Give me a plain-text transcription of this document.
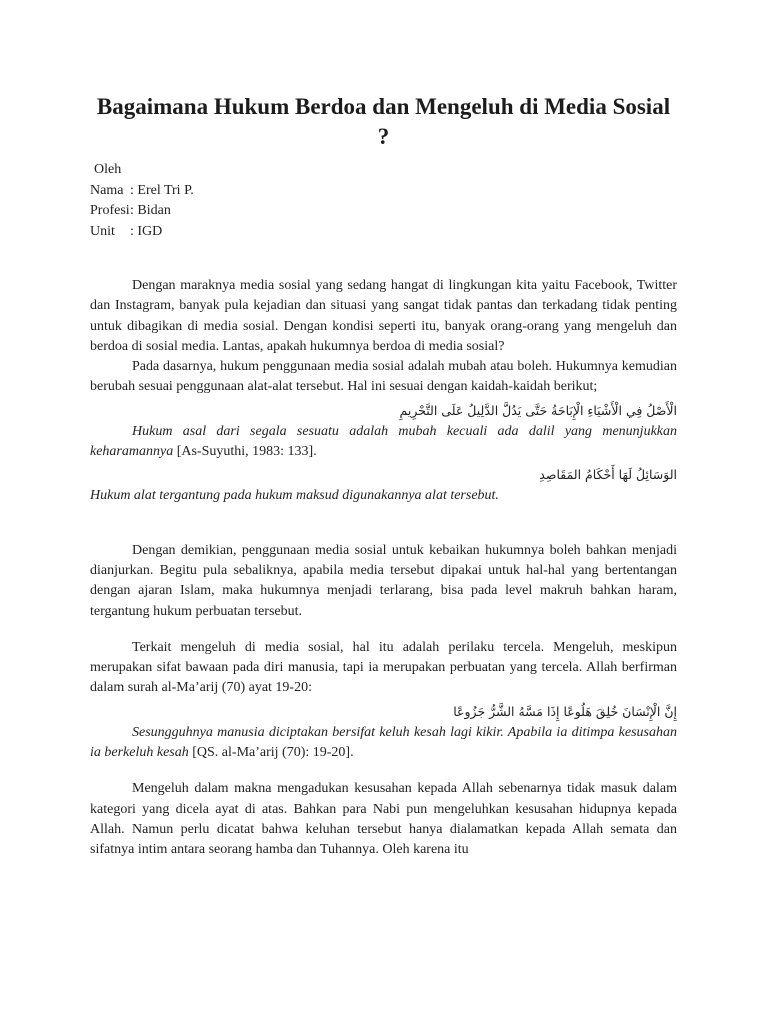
Bagaimana Hukum Berdoa dan Mengeluh di Media Sosial ?
Oleh
Nama : Erel Tri P.
Profesi : Bidan
Unit	: IGD

Dengan maraknya media sosial yang sedang hangat di lingkungan kita yaitu Facebook, Twitter dan Instagram, banyak pula kejadian dan situasi yang sangat tidak pantas dan terkadang tidak penting untuk dibagikan di media sosial. Dengan kondisi seperti itu, banyak orang-orang yang mengeluh dan berdoa di sosial media. Lantas, apakah hukumnya berdoa di media sosial?

Pada dasarnya, hukum penggunaan media sosial adalah mubah atau boleh. Hukumnya kemudian berubah sesuai penggunaan alat-alat tersebut. Hal ini sesuai dengan kaidah-kaidah berikut;

الْأَصْلُ فِي الْأَشْيَاءِ الْإِبَاحَةُ حَتَّى يَدُلَّ الدَّلِيلُ عَلَى التَّحْرِيمِ

Hukum asal dari segala sesuatu adalah mubah kecuali ada dalil yang menunjukkan keharamannya [As-Suyuthi, 1983: 133].

الوَسَائِلُ لَهَا أَحْكَامُ المَقَاصِدِ

Hukum alat tergantung pada hukum maksud digunakannya alat tersebut.

Dengan demikian, penggunaan media sosial untuk kebaikan hukumnya boleh bahkan menjadi dianjurkan. Begitu pula sebaliknya, apabila media tersebut dipakai untuk hal-hal yang bertentangan dengan ajaran Islam, maka hukumnya menjadi terlarang, bisa pada level makruh bahkan haram, tergantung hukum perbuatan tersebut.

Terkait mengeluh di media sosial, hal itu adalah perilaku tercela. Mengeluh, meskipun merupakan sifat bawaan pada diri manusia, tapi ia merupakan perbuatan yang tercela. Allah berfirman dalam surah al-Ma’arij (70) ayat 19-20:

إِنَّ الْإِنْسَانَ خُلِقَ هَلُوعًا إِذَا مَسَّهُ الشَّرُّ جَزُوعًا

Sesungguhnya manusia diciptakan bersifat keluh kesah lagi kikir. Apabila ia ditimpa kesusahan ia berkeluh kesah [QS. al-Ma’arij (70): 19-20].

Mengeluh dalam makna mengadukan kesusahan kepada Allah sebenarnya tidak masuk dalam kategori yang dicela ayat di atas. Bahkan para Nabi pun mengeluhkan kesusahan hidupnya kepada Allah. Namun perlu dicatat bahwa keluhan tersebut hanya dialamatkan kepada Allah semata dan sifatnya intim antara seorang hamba dan Tuhannya. Oleh karena itu
